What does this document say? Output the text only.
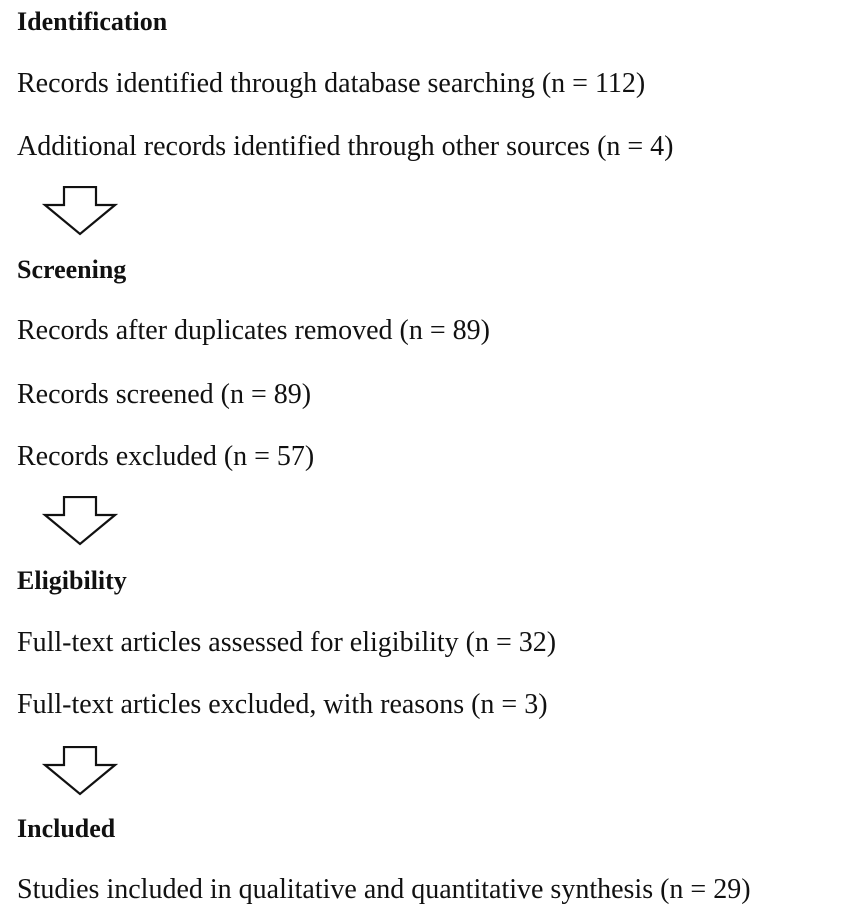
Identification

Records identified through database searching (n = 112)

Additional records identified through other sources (n = 4)

Screening

Records after duplicates removed (n = 89)

Records screened (n = 89)

Records excluded (n = 57)

Eligibility

Full-text articles assessed for eligibility (n = 32)

Full-text articles excluded, with reasons (n = 3)

Included

Studies included in qualitative and quantitative synthesis (n = 29)
